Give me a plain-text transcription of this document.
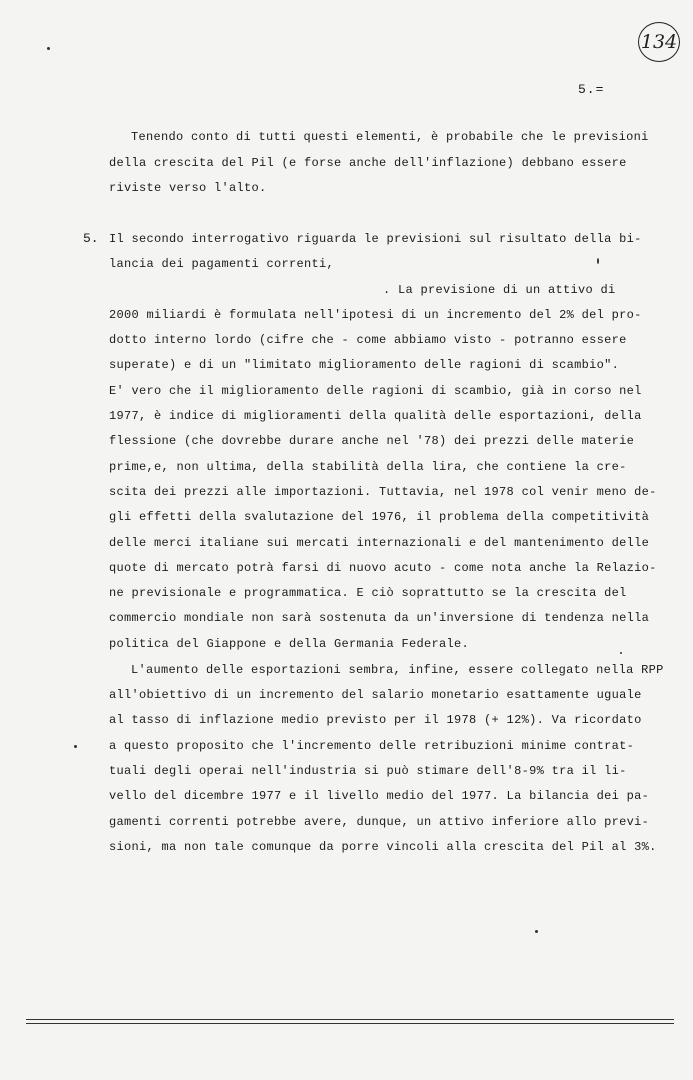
134
5.=
Tenendo conto di tutti questi elementi, è probabile che le previsioni
della crescita del Pil (e forse anche dell'inflazione) debbano essere
riviste verso l'alto.
5. Il secondo interrogativo riguarda le previsioni sul risultato della bi-
lancia dei pagamenti correnti,
. La previsione di un attivo di
2000 miliardi è formulata nell'ipotesi di un incremento del 2% del pro-
dotto interno lordo (cifre che - come abbiamo visto - potranno essere
superate) e di un "limitato miglioramento delle ragioni di scambio".
E' vero che il miglioramento delle ragioni di scambio, già in corso nel
1977, è indice di miglioramenti della qualità delle esportazioni, della
flessione (che dovrebbe durare anche nel '78) dei prezzi delle materie
prime,e, non ultima, della stabilità della lira, che contiene la cre-
scita dei prezzi alle importazioni. Tuttavia, nel 1978 col venir meno de-
gli effetti della svalutazione del 1976, il problema della competitività
delle merci italiane sui mercati internazionali e del mantenimento delle
quote di mercato potrà farsi di nuovo acuto - come nota anche la Relazio-
ne previsionale e programmatica. E ciò soprattutto se la crescita del
commercio mondiale non sarà sostenuta da un'inversione di tendenza nella
politica del Giappone e della Germania Federale.
L'aumento delle esportazioni sembra, infine, essere collegato nella RPP
all'obiettivo di un incremento del salario monetario esattamente uguale
al tasso di inflazione medio previsto per il 1978 (+ 12%). Va ricordato
a questo proposito che l'incremento delle retribuzioni minime contrat-
tuali degli operai nell'industria si può stimare dell'8-9% tra il li-
vello del dicembre 1977 e il livello medio del 1977. La bilancia dei pa-
gamenti correnti potrebbe avere, dunque, un attivo inferiore allo previ-
sioni, ma non tale comunque da porre vincoli alla crescita del Pil al 3%.
